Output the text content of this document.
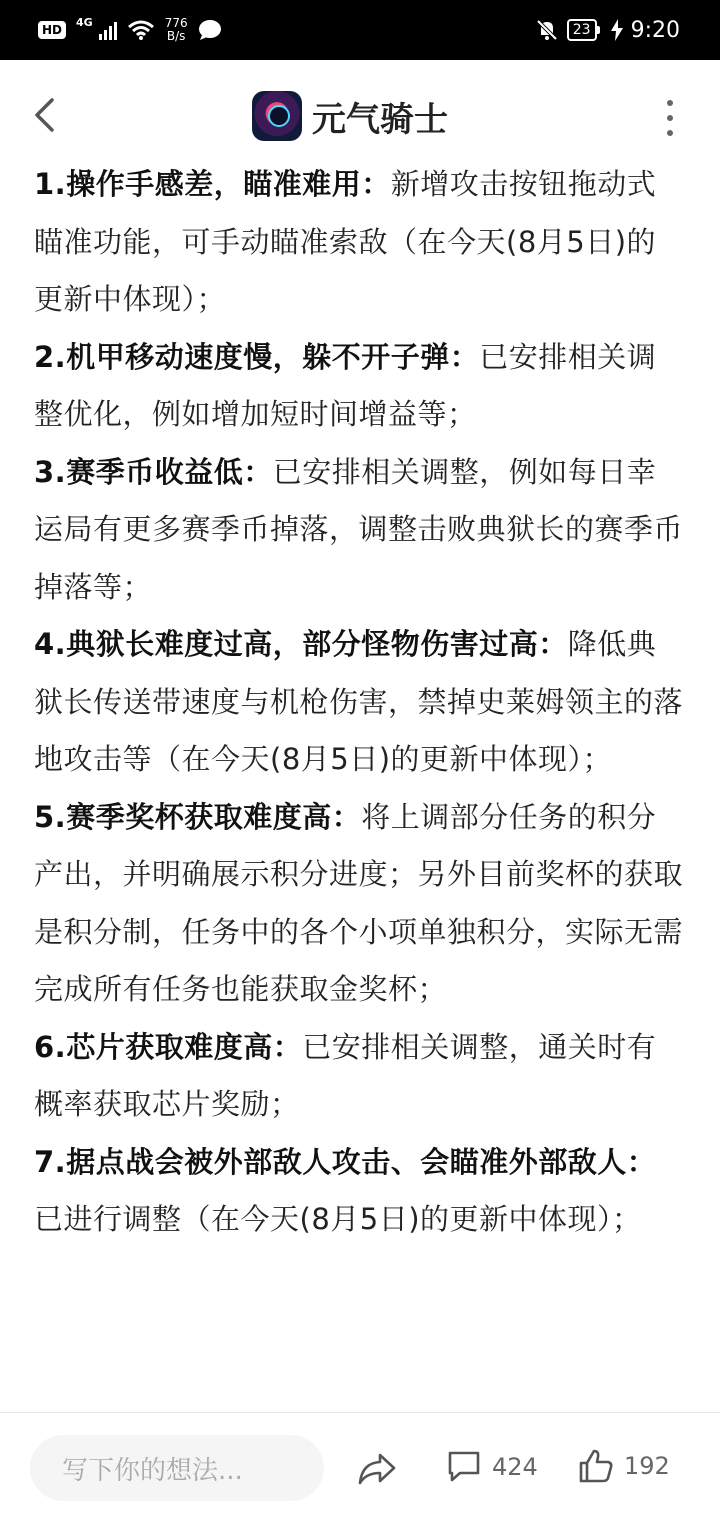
HD
4G	776
B/s	23 9:20
元气骑士

1.操作手感差，瞄准难用：新增攻击按钮拖动式瞄准功能，可手动瞄准索敌（在今天(8月5日)的更新中体现）；

2.机甲移动速度慢，躲不开子弹：已安排相关调整优化，例如增加短时间增益等；

3.赛季币收益低：已安排相关调整，例如每日幸运局有更多赛季币掉落，调整击败典狱长的赛季币掉落等；

4.典狱长难度过高，部分怪物伤害过高：降低典狱长传送带速度与机枪伤害，禁掉史莱姆领主的落地攻击等（在今天(8月5日)的更新中体现）；

5.赛季奖杯获取难度高：将上调部分任务的积分产出，并明确展示积分进度；另外目前奖杯的获取是积分制，任务中的各个小项单独积分，实际无需完成所有任务也能获取金奖杯；

6.芯片获取难度高：已安排相关调整，通关时有概率获取芯片奖励；

7.据点战会被外部敌人攻击、会瞄准外部敌人：已进行调整（在今天(8月5日)的更新中体现）；

写下你的想法...	424	192
